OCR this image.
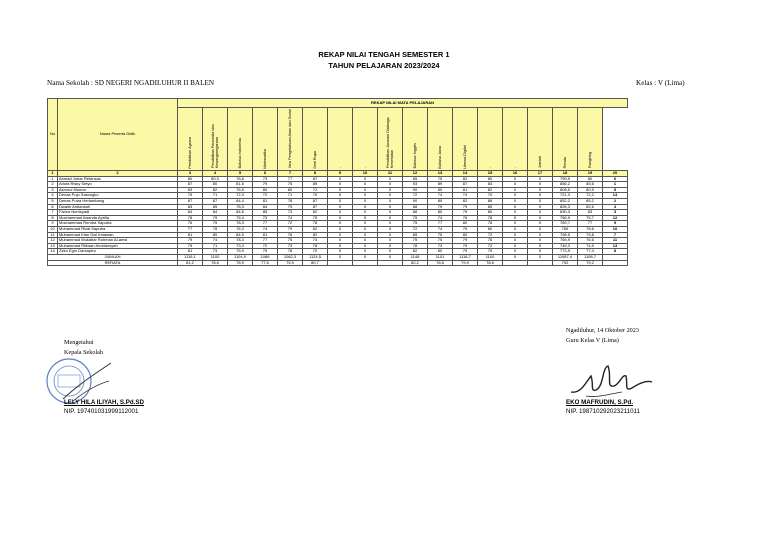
REKAP NILAI TENGAH SEMESTER 1
TAHUN PELAJARAN 2023/2024
Nama Sekolah : SD NEGERI NGADILUHUR II BALEN	Kelas : V (Lima)
No	Nama Peserta Didik	REKAP NILAI MATA PELAJARAN																	
		Pendidikan Agama	Pendidikan Pancasila dan Kewarganegaraan	Bahasa Indonesia	Matematika	Ilmu Pengetahuan Alam dan Sosial	Seni Rupa	-	-	Pendidikan Jasmani Olahraga Kesehatan	Bahasa Inggris	Bahasa Jawa	Literasi Digital	-	-	Jumlah	Rerata	Rangking	
1	2	3	4	5	6	7	8	9	10	11	12	13	14	15	16	17	18	19	20
1	Ahmad Johar Refansas	80	80,3	78,6	73	77	87	0	0	0	85	75	82	80	0	0	799,9	80	6
2	Arlofa Risky Setyo	87	80	81,6	79	75	89	0	0	0	93	89	87	83	0	0	856,2	85,6	1
3	Asrosul Munna	83	82	76,5	80	80	72	0	0	0	90	80	81	82	0	0	808,5	80,9	5
4	Denas Pujo Sasongko	75	71	72,3	72	71	70	0	0	0	72	74	74	70	0	0	721,3	72,2	14
5	Denas Putra Herlambang	87	87	84,4	81	78	87	0	0	0	90	80	82	86	0	0	852,2	85,2	2
6	Dwarik Ardiansah	83	85	78,3	84	79	87	0	0	0	88	79	79	85	0	0	826,3	82,6	4
7	Fariza Nurrisyadi	84	84	84,6	85	73	82	0	0	0	88	80	79	80	0	0	830,3	83	3
8	Mochammad Ilwanda Aprilia	78	79	75,4	73	74	75	0	0	0	75	74	76	78	0	0	756,9	75,7	12
9	Mochammad Rendra Saputra	76	75	78,3	77	72	78	0	0	0	75	77	80	78	0	0	769,7	77	9
10	Mohammad Rizal Saputra	77	78	76,3	74	79	82	0	0	0	72	74	79	80	0	0	766	76,6	10
11	Muhammad Irfan Dwi Irmawan	81	80	84,5	81	76	82	0	0	0	85	75	80	72	0	0	798,5	79,8	7
12	Muhammad Mukabar Rohman Al-amsi	79	74	78,3	77	75	74	0	0	0	75	75	79	76	0	0	765,9	76,6	11
13	Muhammad Ridwan Andriansyah	79	71	73,3	72	73	78	0	0	0	78	73	79	72	0	0	749,3	74,9	13
14	Zeko Egin Darsaptra	81	73	75,9	79	78	70	0	0	0	82	80	79	79	0	0	773,9	77,4	8
JUMLAH		1116,1	1100	1104,9	1086	1062,3	1124,5	0	0	0	1148	1101	1118,7	1100	0	0	11087,4	1108,7	
RERATA		81,2	78,6	78,9	77,6	75,9	80,7				82,2	78,6	79,9	78,6			792	79,2	
Mengetahui
Kepala Sekolah
LELY HILA ILIYAH, S.Pd.SD
NIP. 197401031999112001
Ngadiluhur, 14 Oktober 2023
Guru Kelas V (Lima)
EKO MAFRUDIN, S.Pd.
NIP. 198710292023211011
